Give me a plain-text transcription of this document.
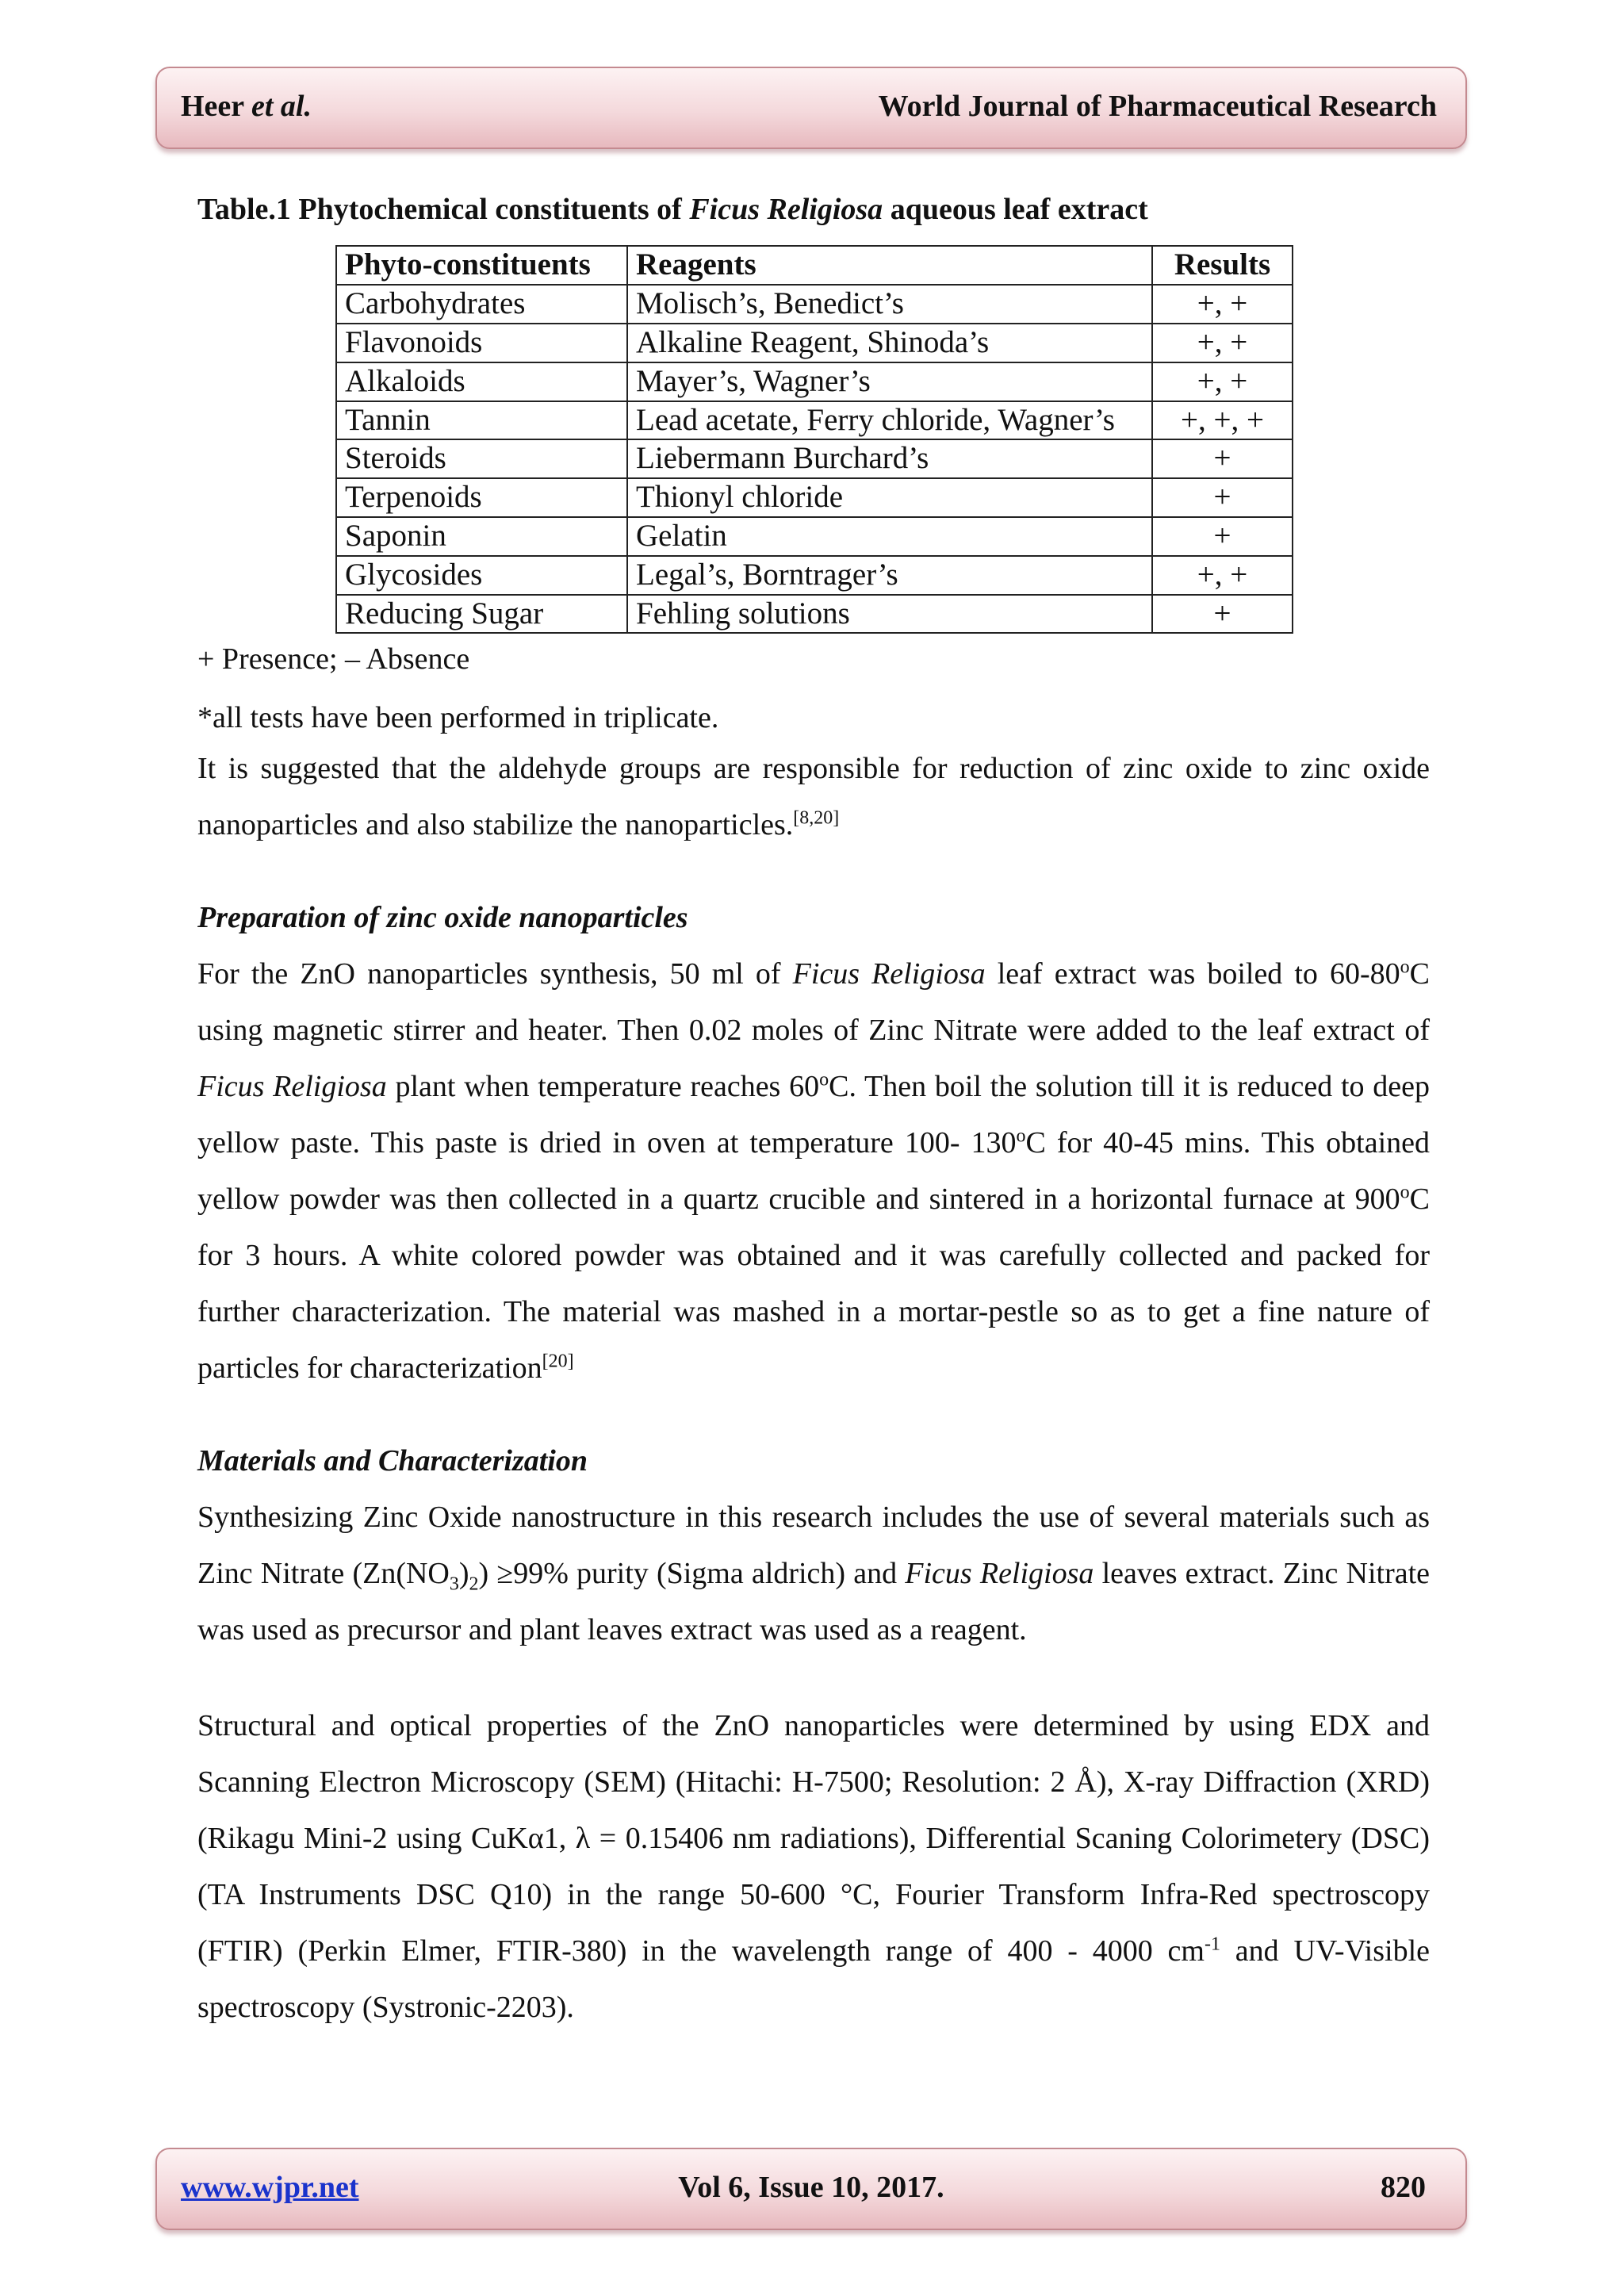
Heer et al.	World Journal of Pharmaceutical Research

Table.1 Phytochemical constituents of Ficus Religiosa aqueous leaf extract

Phyto-constituents	Reagents	Results
Carbohydrates	Molisch’s, Benedict’s	+, +
Flavonoids	Alkaline Reagent, Shinoda’s	+, +
Alkaloids	Mayer’s, Wagner’s	+, +
Tannin	Lead acetate, Ferry chloride, Wagner’s	+, +, +
Steroids	Liebermann Burchard’s	+
Terpenoids	Thionyl chloride	+
Saponin	Gelatin	+
Glycosides	Legal’s, Borntrager’s	+, +
Reducing Sugar	Fehling solutions	+

+ Presence; – Absence

*all tests have been performed in triplicate.

It is suggested that the aldehyde groups are responsible for reduction of zinc oxide to zinc oxide nanoparticles and also stabilize the nanoparticles.[8,20]

Preparation of zinc oxide nanoparticles

For the ZnO nanoparticles synthesis, 50 ml of Ficus Religiosa leaf extract was boiled to 60-80$^o$C using magnetic stirrer and heater. Then 0.02 moles of Zinc Nitrate were added to the leaf extract of Ficus Religiosa plant when temperature reaches 60$^o$C. Then boil the solution till it is reduced to deep yellow paste. This paste is dried in oven at temperature 100- 130$^o$C for 40-45 mins. This obtained yellow powder was then collected in a quartz crucible and sintered in a horizontal furnace at 900$^o$C for 3 hours. A white colored powder was obtained and it was carefully collected and packed for further characterization. The material was mashed in a mortar-pestle so as to get a fine nature of particles for characterization[20]

Materials and Characterization

Synthesizing Zinc Oxide nanostructure in this research includes the use of several materials such as Zinc Nitrate $(Zn(NO_3)_2) \ge 99\%$ purity (Sigma aldrich) and Ficus Religiosa leaves extract. Zinc Nitrate was used as precursor and plant leaves extract was used as a reagent.

Structural and optical properties of the ZnO nanoparticles were determined by using EDX and Scanning Electron Microscopy (SEM) (Hitachi: H-7500; Resolution: 2 Å), X-ray Diffraction (XRD) (Rikagu Mini-2 using CuKα1, λ = 0.15406 nm radiations), Differential Scaning Colorimetery (DSC) (TA Instruments DSC Q10) in the range 50-600 °C, Fourier Transform Infra-Red spectroscopy (FTIR) (Perkin Elmer, FTIR-380) in the wavelength range of 400 - 4000 $cm^{-1}$ and UV-Visible spectroscopy (Systronic-2203).

www.wjpr.net	Vol 6, Issue 10, 2017.	820
